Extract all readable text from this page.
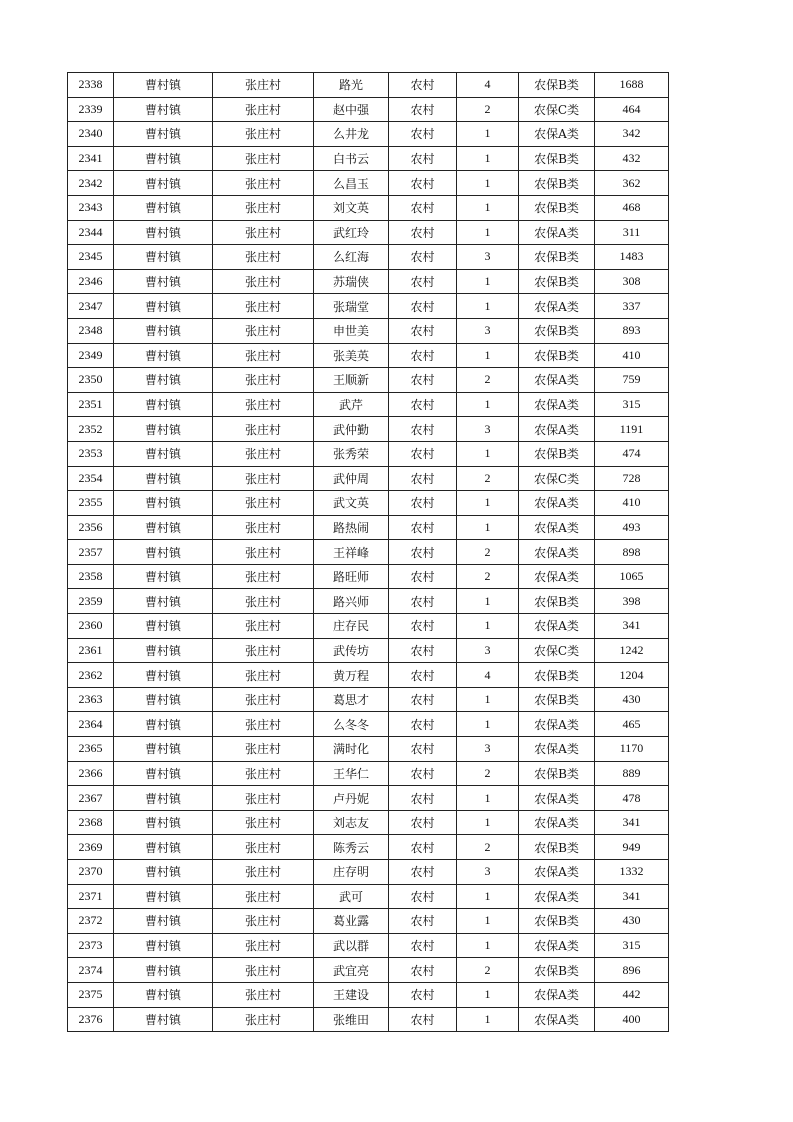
2338	曹村镇	张庄村	路光	农村	4	农保B类	1688
2339	曹村镇	张庄村	赵中强	农村	2	农保C类	464
2340	曹村镇	张庄村	么井龙	农村	1	农保A类	342
2341	曹村镇	张庄村	白书云	农村	1	农保B类	432
2342	曹村镇	张庄村	么昌玉	农村	1	农保B类	362
2343	曹村镇	张庄村	刘文英	农村	1	农保B类	468
2344	曹村镇	张庄村	武红玲	农村	1	农保A类	311
2345	曹村镇	张庄村	么红海	农村	3	农保B类	1483
2346	曹村镇	张庄村	苏瑞侠	农村	1	农保B类	308
2347	曹村镇	张庄村	张瑞堂	农村	1	农保A类	337
2348	曹村镇	张庄村	申世美	农村	3	农保B类	893
2349	曹村镇	张庄村	张美英	农村	1	农保B类	410
2350	曹村镇	张庄村	王顺新	农村	2	农保A类	759
2351	曹村镇	张庄村	武芹	农村	1	农保A类	315
2352	曹村镇	张庄村	武仲勤	农村	3	农保A类	1191
2353	曹村镇	张庄村	张秀荣	农村	1	农保B类	474
2354	曹村镇	张庄村	武仲周	农村	2	农保C类	728
2355	曹村镇	张庄村	武文英	农村	1	农保A类	410
2356	曹村镇	张庄村	路热闹	农村	1	农保A类	493
2357	曹村镇	张庄村	王祥峰	农村	2	农保A类	898
2358	曹村镇	张庄村	路旺师	农村	2	农保A类	1065
2359	曹村镇	张庄村	路兴师	农村	1	农保B类	398
2360	曹村镇	张庄村	庄存民	农村	1	农保A类	341
2361	曹村镇	张庄村	武传坊	农村	3	农保C类	1242
2362	曹村镇	张庄村	黄万程	农村	4	农保B类	1204
2363	曹村镇	张庄村	葛思才	农村	1	农保B类	430
2364	曹村镇	张庄村	么冬冬	农村	1	农保A类	465
2365	曹村镇	张庄村	满时化	农村	3	农保A类	1170
2366	曹村镇	张庄村	王华仁	农村	2	农保B类	889
2367	曹村镇	张庄村	卢丹妮	农村	1	农保A类	478
2368	曹村镇	张庄村	刘志友	农村	1	农保A类	341
2369	曹村镇	张庄村	陈秀云	农村	2	农保B类	949
2370	曹村镇	张庄村	庄存明	农村	3	农保A类	1332
2371	曹村镇	张庄村	武可	农村	1	农保A类	341
2372	曹村镇	张庄村	葛业露	农村	1	农保B类	430
2373	曹村镇	张庄村	武以群	农村	1	农保A类	315
2374	曹村镇	张庄村	武宜亮	农村	2	农保B类	896
2375	曹村镇	张庄村	王建设	农村	1	农保A类	442
2376	曹村镇	张庄村	张维田	农村	1	农保A类	400
